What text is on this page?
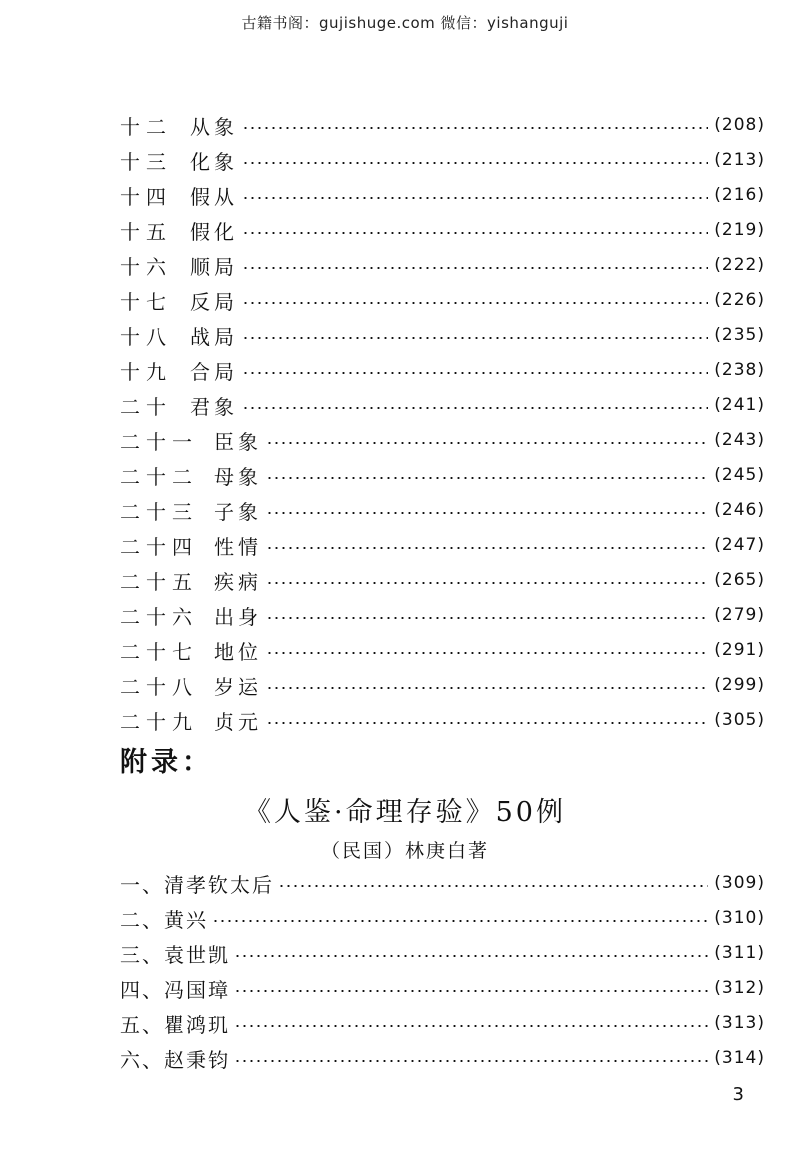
古籍书阁：gujishuge.com 微信：yishanguji
十二 从象	(208)
十三 化象	(213)
十四 假从	(216)
十五 假化	(219)
十六 顺局	(222)
十七 反局	(226)
十八 战局	(235)
十九 合局	(238)
二十 君象	(241)
二十一 臣象	(243)
二十二 母象	(245)
二十三 子象	(246)
二十四 性情	(247)
二十五 疾病	(265)
二十六 出身	(279)
二十七 地位	(291)
二十八 岁运	(299)
二十九 贞元	(305)
附录：
《人鉴·命理存验》50例
（民国）林庚白著
一、清孝钦太后	(309)
二、黄兴	(310)
三、袁世凯	(311)
四、冯国璋	(312)
五、瞿鸿玑	(313)
六、赵秉钧	(314)
3
